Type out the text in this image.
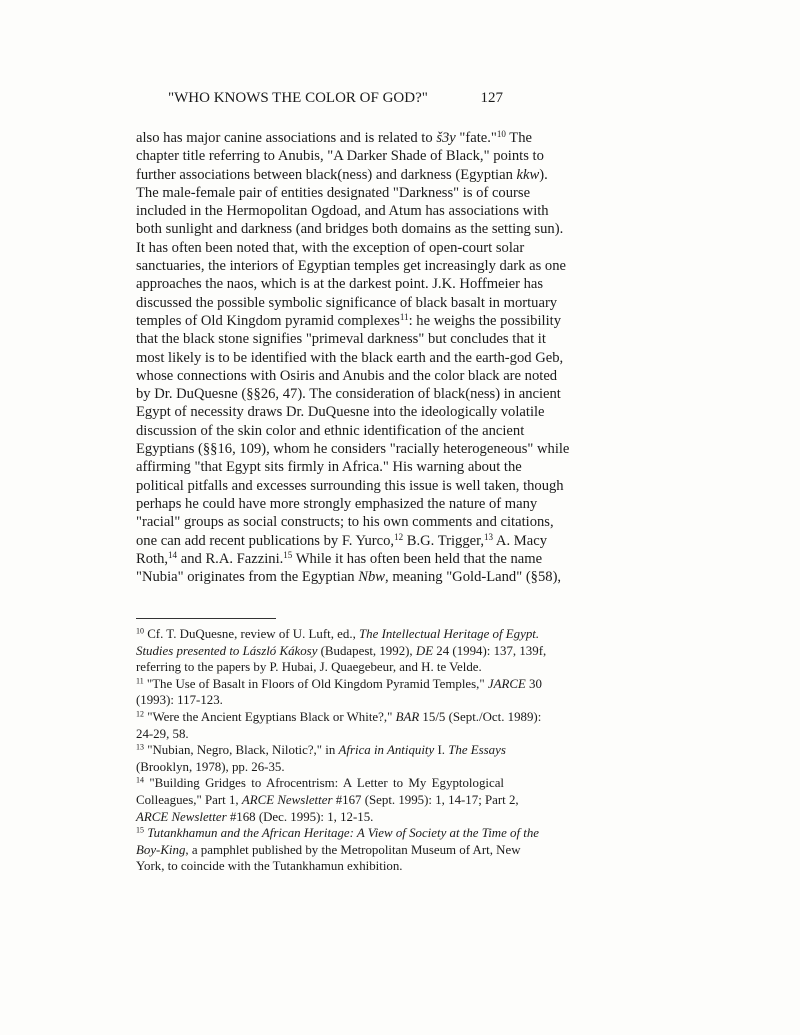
"WHO KNOWS THE COLOR OF GOD?"	127
also has major canine associations and is related to š3y "fate."$^{10}$ The
chapter title referring to Anubis, "A Darker Shade of Black," points to
further associations between black(ness) and darkness (Egyptian kkw).
The male-female pair of entities designated "Darkness" is of course
included in the Hermopolitan Ogdoad, and Atum has associations with
both sunlight and darkness (and bridges both domains as the setting sun).
It has often been noted that, with the exception of open-court solar
sanctuaries, the interiors of Egyptian temples get increasingly dark as one
approaches the naos, which is at the darkest point. J.K. Hoffmeier has
discussed the possible symbolic significance of black basalt in mortuary
temples of Old Kingdom pyramid complexes$^{11}$: he weighs the possibility
that the black stone signifies "primeval darkness" but concludes that it
most likely is to be identified with the black earth and the earth-god Geb,
whose connections with Osiris and Anubis and the color black are noted
by Dr. DuQuesne (§§26, 47). The consideration of black(ness) in ancient
Egypt of necessity draws Dr. DuQuesne into the ideologically volatile
discussion of the skin color and ethnic identification of the ancient
Egyptians (§§16, 109), whom he considers "racially heterogeneous" while
affirming "that Egypt sits firmly in Africa." His warning about the
political pitfalls and excesses surrounding this issue is well taken, though
perhaps he could have more strongly emphasized the nature of many
"racial" groups as social constructs; to his own comments and citations,
one can add recent publications by F. Yurco,$^{12}$ B.G. Trigger,$^{13}$ A. Macy
Roth,$^{14}$ and R.A. Fazzini.$^{15}$ While it has often been held that the name
"Nubia" originates from the Egyptian Nbw, meaning "Gold-Land" (§58),
$^{10}$ Cf. T. DuQuesne, review of U. Luft, ed., The Intellectual Heritage of Egypt.
Studies presented to László Kákosy (Budapest, 1992), DE 24 (1994): 137, 139f,
referring to the papers by P. Hubai, J. Quaegebeur, and H. te Velde.
$^{11}$ "The Use of Basalt in Floors of Old Kingdom Pyramid Temples," JARCE 30
(1993): 117-123.
$^{12}$ "Were the Ancient Egyptians Black or White?," BAR 15/5 (Sept./Oct. 1989):
24-29, 58.
$^{13}$ "Nubian, Negro, Black, Nilotic?," in Africa in Antiquity I. The Essays
(Brooklyn, 1978), pp. 26-35.
$^{14}$ "Building Gridges to Afrocentrism: A Letter to My Egyptological
Colleagues," Part 1, ARCE Newsletter #167 (Sept. 1995): 1, 14-17; Part 2,
ARCE Newsletter #168 (Dec. 1995): 1, 12-15.
$^{15}$ Tutankhamun and the African Heritage: A View of Society at the Time of the
Boy-King, a pamphlet published by the Metropolitan Museum of Art, New
York, to coincide with the Tutankhamun exhibition.
